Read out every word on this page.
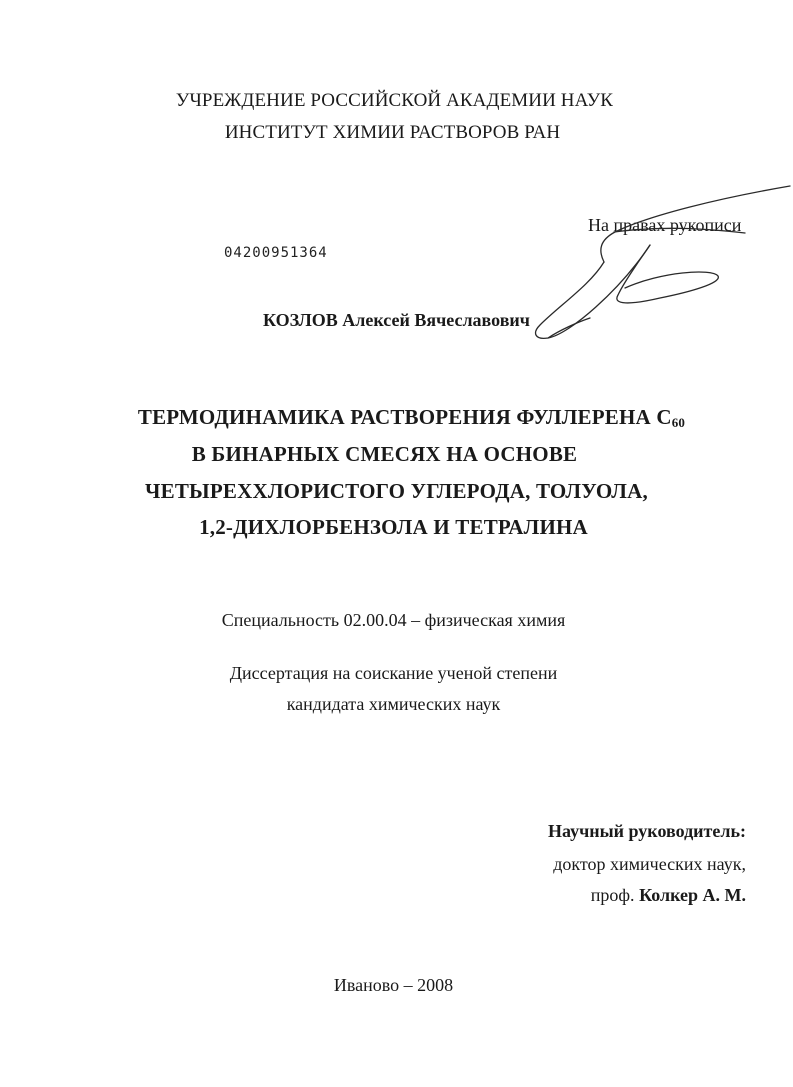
УЧРЕЖДЕНИЕ РОССИЙСКОЙ АКАДЕМИИ НАУК
ИНСТИТУТ ХИМИИ РАСТВОРОВ РАН
На правах рукописи
04200951364
КОЗЛОВ Алексей Вячеславович
ТЕРМОДИНАМИКА РАСТВОРЕНИЯ ФУЛЛЕРЕНА $С_{60}$
В БИНАРНЫХ СМЕСЯХ НА ОСНОВЕ
ЧЕТЫРЕХХЛОРИСТОГО УГЛЕРОДА, ТОЛУОЛА,
1,2-ДИХЛОРБЕНЗОЛА И ТЕТРАЛИНА
Специальность 02.00.04 – физическая химия
Диссертация на соискание ученой степени
кандидата химических наук
Научный руководитель:
доктор химических наук,
проф. Колкер А. М.
Иваново – 2008
